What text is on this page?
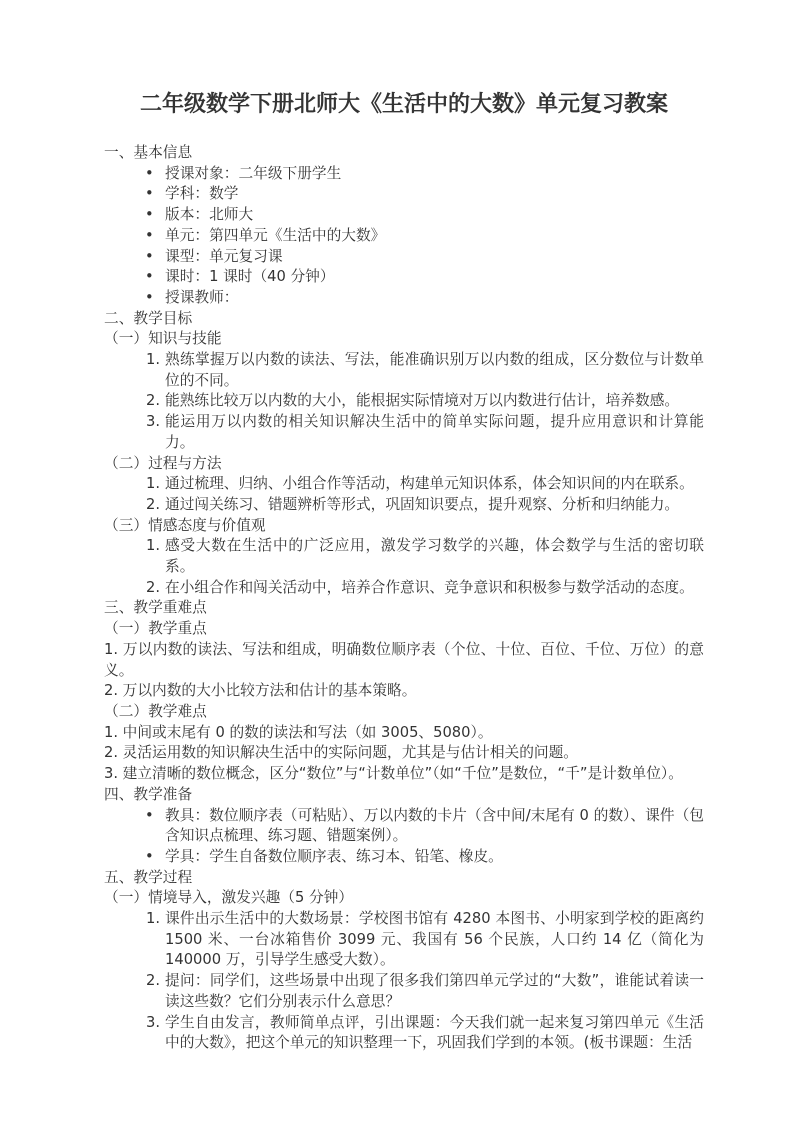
二年级数学下册北师大《生活中的大数》单元复习教案
一、基本信息
• 授课对象：二年级下册学生
• 学科：数学
• 版本：北师大
• 单元：第四单元《生活中的大数》
• 课型：单元复习课
• 课时：1 课时（40 分钟）
• 授课教师：
二、教学目标
（一）知识与技能
1. 熟练掌握万以内数的读法、写法，能准确识别万以内数的组成，区分数位与计数单位的不同。
2. 能熟练比较万以内数的大小，能根据实际情境对万以内数进行估计，培养数感。
3. 能运用万以内数的相关知识解决生活中的简单实际问题，提升应用意识和计算能力。
（二）过程与方法
1. 通过梳理、归纳、小组合作等活动，构建单元知识体系，体会知识间的内在联系。
2. 通过闯关练习、错题辨析等形式，巩固知识要点，提升观察、分析和归纳能力。
（三）情感态度与价值观
1. 感受大数在生活中的广泛应用，激发学习数学的兴趣，体会数学与生活的密切联系。
2. 在小组合作和闯关活动中，培养合作意识、竞争意识和积极参与数学活动的态度。
三、教学重难点
（一）教学重点
1. 万以内数的读法、写法和组成，明确数位顺序表（个位、十位、百位、千位、万位）的意义。
2. 万以内数的大小比较方法和估计的基本策略。
（二）教学难点
1. 中间或末尾有 0 的数的读法和写法（如 3005、5080）。
2. 灵活运用数的知识解决生活中的实际问题，尤其是与估计相关的问题。
3. 建立清晰的数位概念，区分“数位”与“计数单位”（如“千位”是数位，“千”是计数单位）。
四、教学准备
• 教具：数位顺序表（可粘贴）、万以内数的卡片（含中间/末尾有 0 的数）、课件（包含知识点梳理、练习题、错题案例）。
• 学具：学生自备数位顺序表、练习本、铅笔、橡皮。
五、教学过程
（一）情境导入，激发兴趣（5 分钟）
1. 课件出示生活中的大数场景：学校图书馆有 4280 本图书、小明家到学校的距离约 1500 米、一台冰箱售价 3099 元、我国有 56 个民族，人口约 14 亿（简化为 140000 万，引导学生感受大数）。
2. 提问：同学们，这些场景中出现了很多我们第四单元学过的“大数”，谁能试着读一读这些数？它们分别表示什么意思？
3. 学生自由发言，教师简单点评，引出课题：今天我们就一起来复习第四单元《生活中的大数》，把这个单元的知识整理一下，巩固我们学到的本领。(板书课题：生活
